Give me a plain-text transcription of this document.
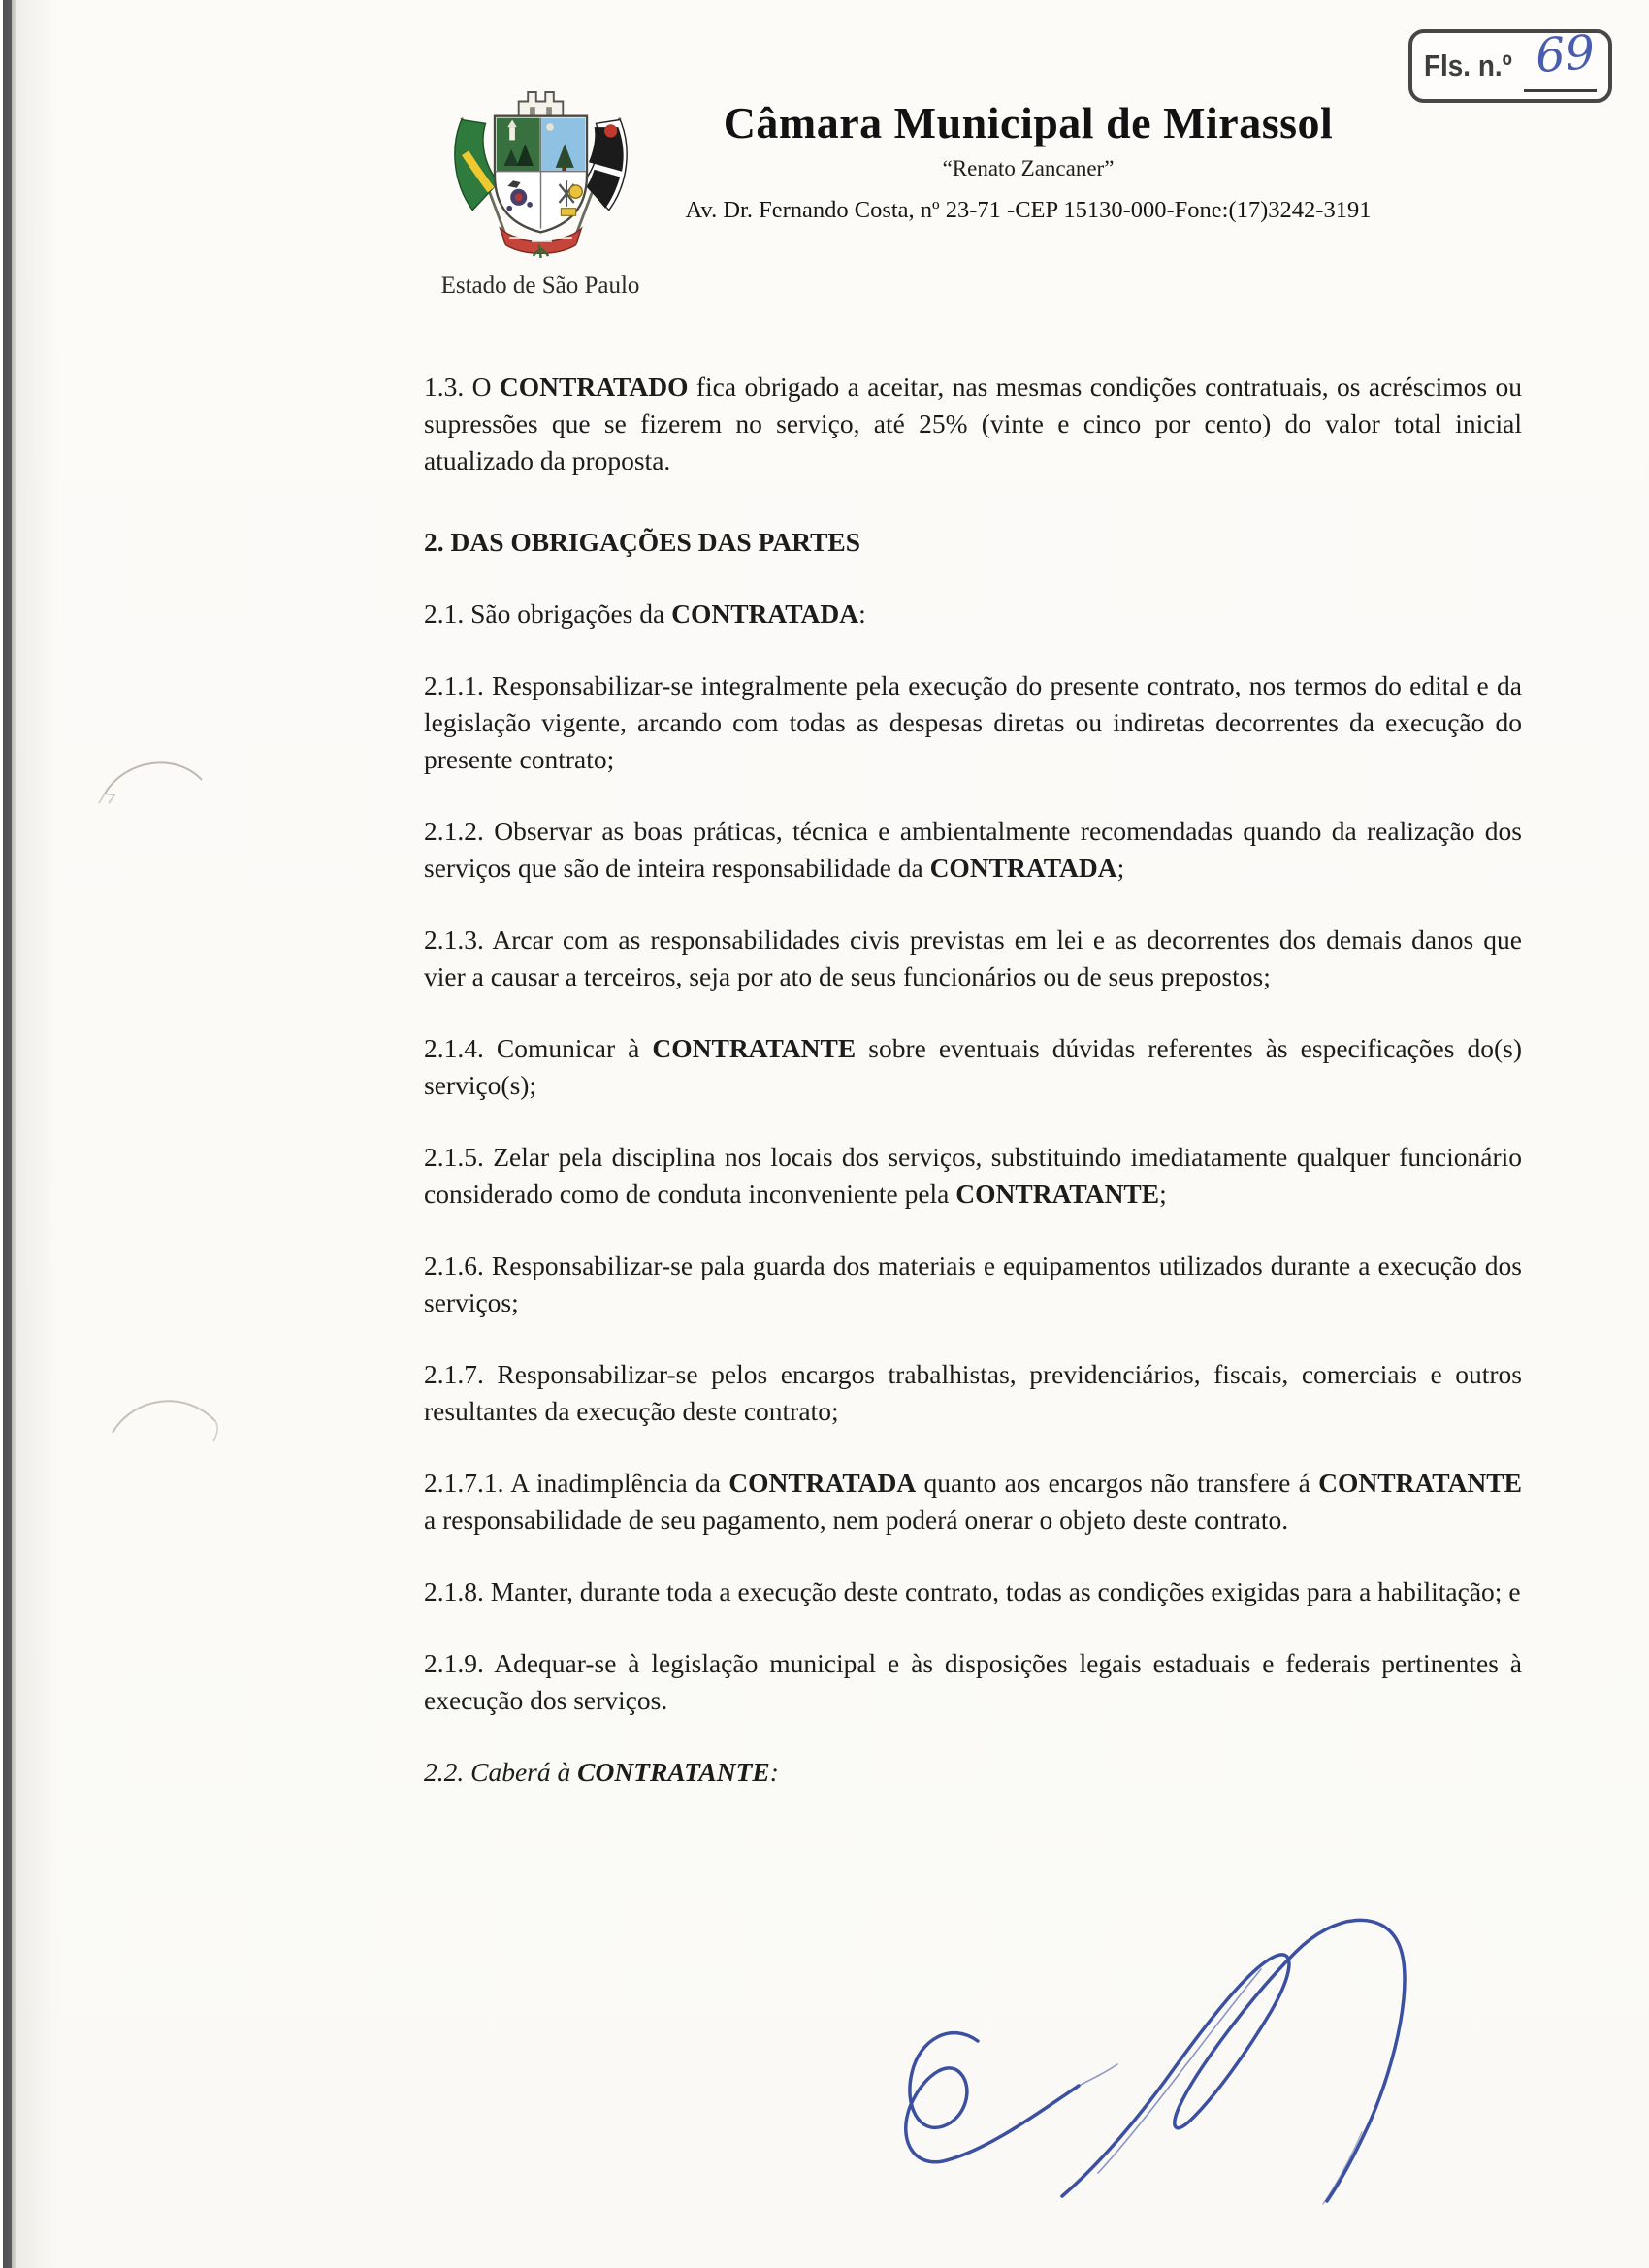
Fls. n.º 69
Estado de São Paulo
Câmara Municipal de Mirassol
“Renato Zancaner”
Av. Dr. Fernando Costa, nº 23-71 -CEP 15130-000-Fone:(17)3242-3191

1.3. O CONTRATADO fica obrigado a aceitar, nas mesmas condições contratuais, os acréscimos ou supressões que se fizerem no serviço, até 25% (vinte e cinco por cento) do valor total inicial atualizado da proposta.

2. DAS OBRIGAÇÕES DAS PARTES

2.1. São obrigações da CONTRATADA:

2.1.1. Responsabilizar-se integralmente pela execução do presente contrato, nos termos do edital e da legislação vigente, arcando com todas as despesas diretas ou indiretas decorrentes da execução do presente contrato;

2.1.2. Observar as boas práticas, técnica e ambientalmente recomendadas quando da realização dos serviços que são de inteira responsabilidade da CONTRATADA;

2.1.3. Arcar com as responsabilidades civis previstas em lei e as decorrentes dos demais danos que vier a causar a terceiros, seja por ato de seus funcionários ou de seus prepostos;

2.1.4. Comunicar à CONTRATANTE sobre eventuais dúvidas referentes às especificações do(s) serviço(s);

2.1.5. Zelar pela disciplina nos locais dos serviços, substituindo imediatamente qualquer funcionário considerado como de conduta inconveniente pela CONTRATANTE;

2.1.6. Responsabilizar-se pala guarda dos materiais e equipamentos utilizados durante a execução dos serviços;

2.1.7. Responsabilizar-se pelos encargos trabalhistas, previdenciários, fiscais, comerciais e outros resultantes da execução deste contrato;

2.1.7.1. A inadimplência da CONTRATADA quanto aos encargos não transfere á CONTRATANTE a responsabilidade de seu pagamento, nem poderá onerar o objeto deste contrato.

2.1.8. Manter, durante toda a execução deste contrato, todas as condições exigidas para a habilitação; e

2.1.9. Adequar-se à legislação municipal e às disposições legais estaduais e federais pertinentes à execução dos serviços.

2.2. Caberá à CONTRATANTE:
